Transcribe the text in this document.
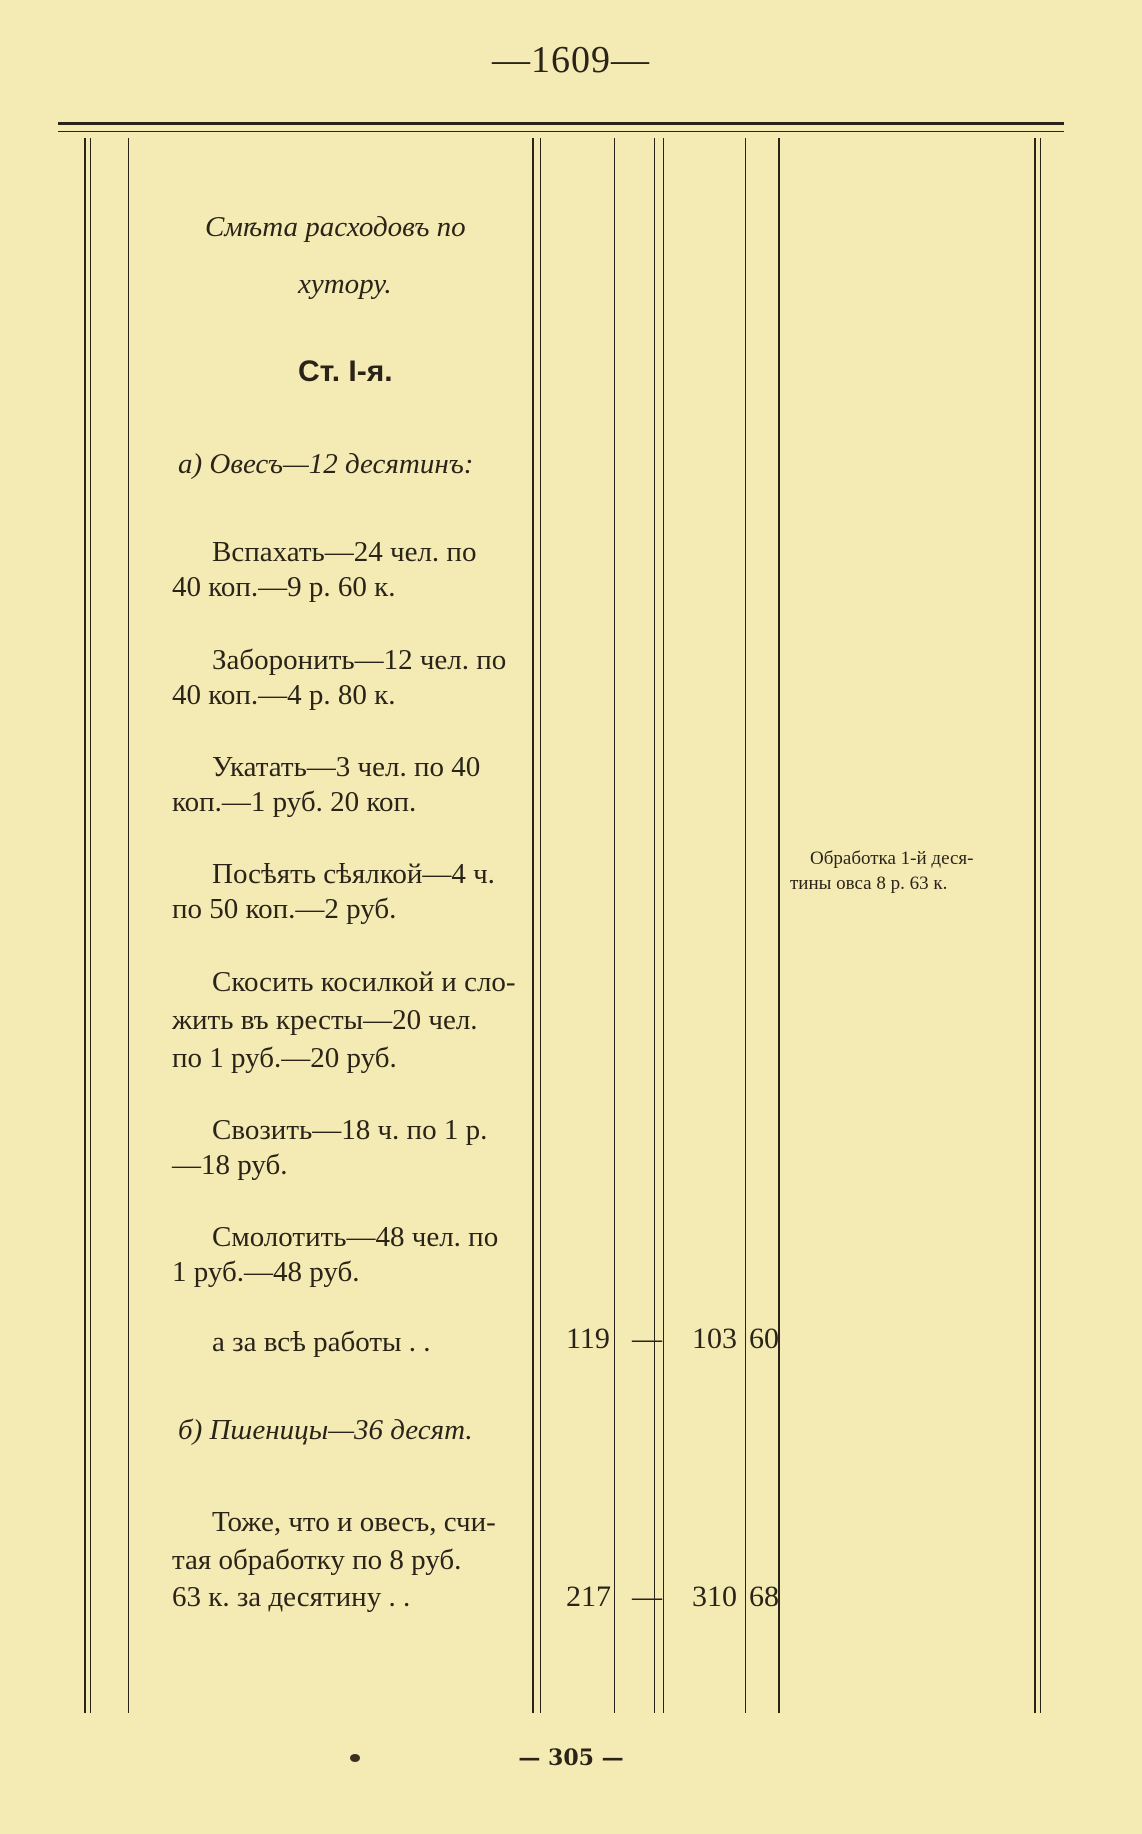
—1609—
Смѣта расходовъ по
хутору.
Ст. I-я.
а) Овесъ—12 десятинъ:
Вспахать—24 чел. по
40 коп.—9 р. 60 к.
Заборонить—12 чел. по
40 коп.—4 р. 80 к.
Укатать—3 чел. по 40
коп.—1 руб. 20 коп.
Посѣять сѣялкой—4 ч.
по 50 коп.—2 руб.
Скосить косилкой и сло-
жить въ кресты—20 чел.
по 1 руб.—20 руб.
Свозить—18 ч. по 1 р.
—18 руб.
Смолотить—48 чел. по
1 руб.—48 руб.
а за всѣ работы . .	119 — 103 60
Обработка 1-й деся-
тины овса 8 р. 63 к.
б) Пшеницы—36 десят.
Тоже, что и овесъ, счи-
тая обработку по 8 руб.
63 к. за десятину . .	217 — 310 68
— 305 —
